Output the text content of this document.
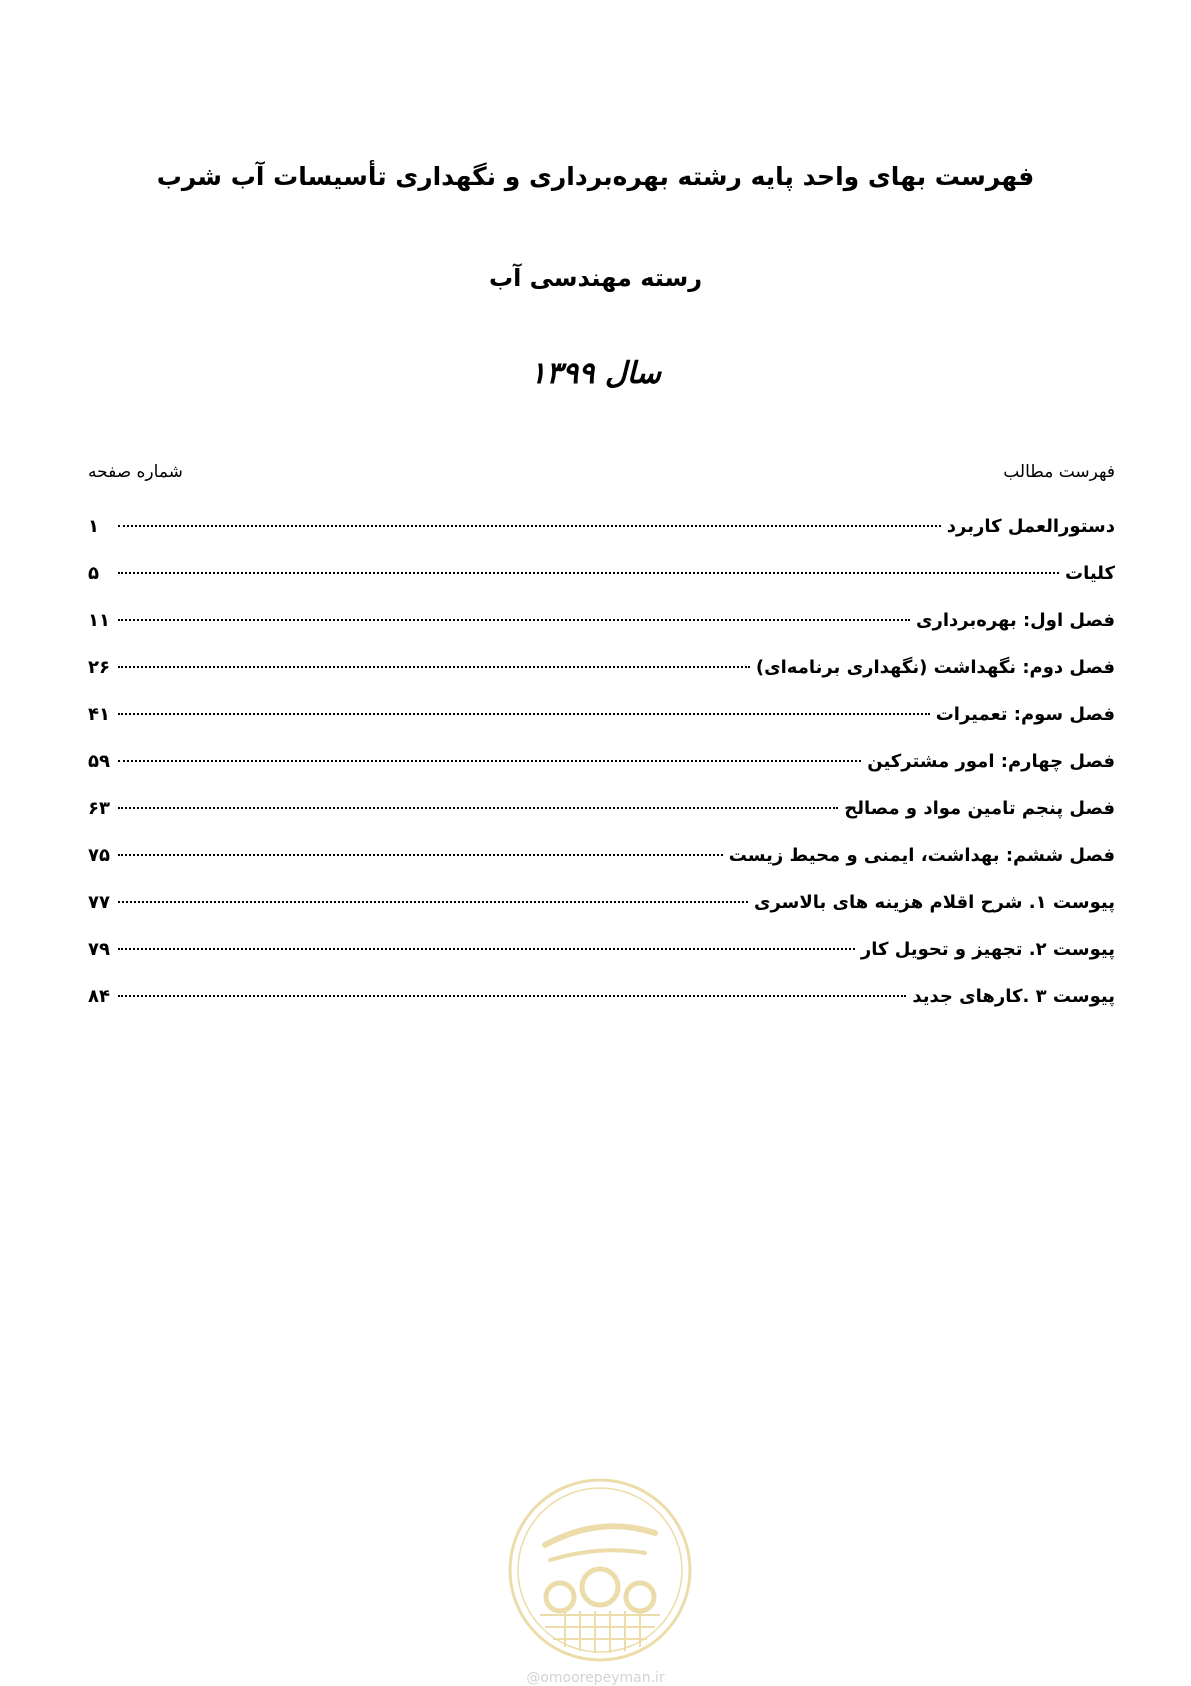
فهرست بهای واحد پایه رشته بهره‌برداری و نگهداری تأسیسات آب شرب
رسته مهندسی آب
سال ۱۳۹۹
فهرست مطالب
شماره صفحه
دستورالعمل کاربرد
۱
کلیات
۵
فصل اول: بهره‌برداری
۱۱
فصل دوم: نگهداشت (نگهداری برنامه‌ای)
۲۶
فصل سوم: تعمیرات
۴۱
فصل چهارم: امور مشترکین
۵۹
فصل پنجم تامین مواد و مصالح
۶۳
فصل ششم: بهداشت، ایمنی و محیط زیست
۷۵
پیوست ۱. شرح اقلام هزینه های بالاسری
۷۷
پیوست ۲. تجهیز و تحویل کار
۷۹
پیوست ۳ .کارهای جدید
۸۴
@omoorepeyman.ir
